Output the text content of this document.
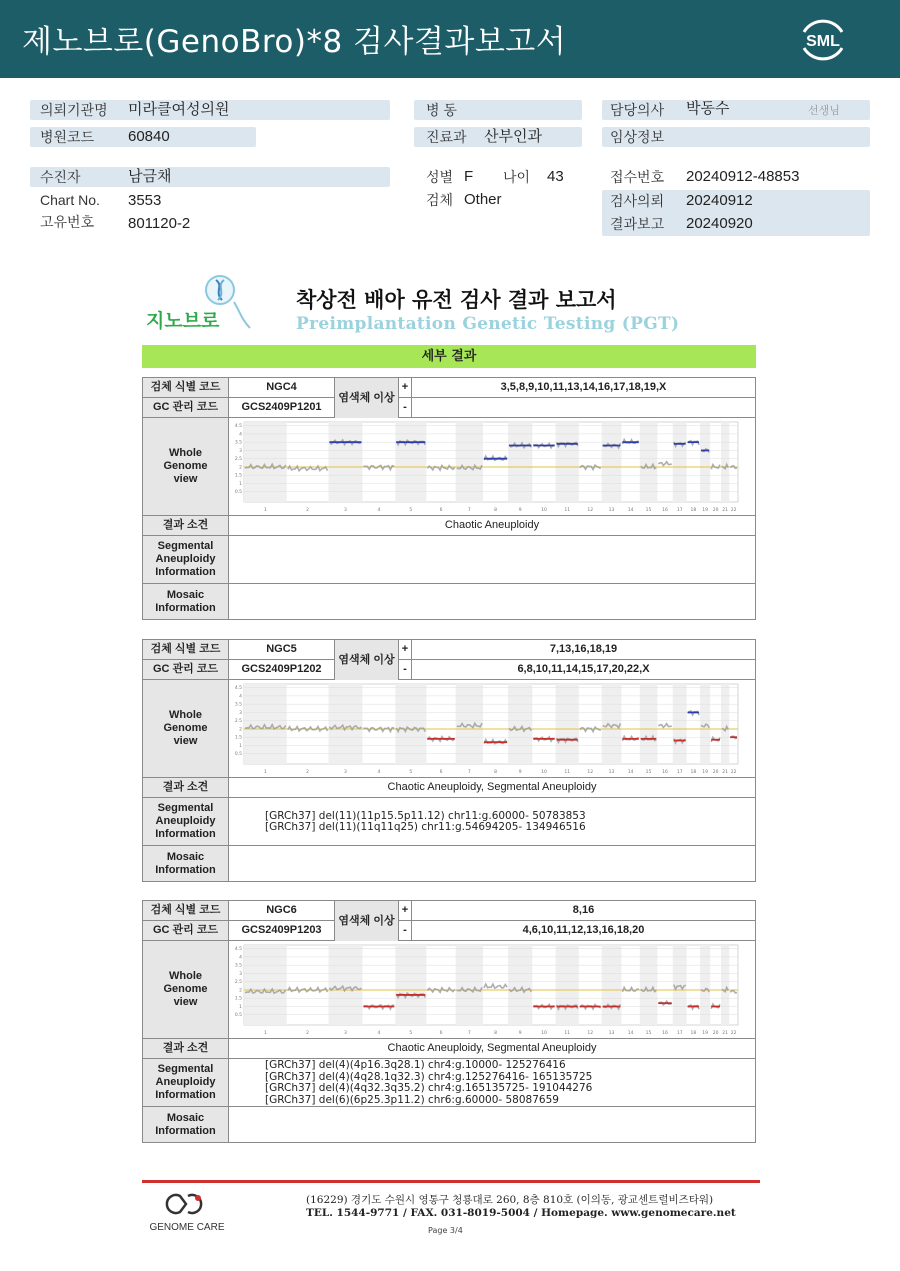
제노브로(GenoBro)*8 검사결과보고서	SML
의뢰기관명 미라클여성의원	병 동	담당의사 박동수	선생님
병원코드 60840	진료과 산부인과	임상정보
수진자	남금채	성별 F 나이 43	접수번호 20240912-48853
Chart No. 3553	검체 Other	검사의뢰 20240912
고유번호 801120-2	결과보고 20240920
지노브로
착상전 배아 유전 검사 결과 보고서
Preimplantation Genetic Testing (PGT)
세부 결과
검체 식별 코드	NGC4	+	3,5,8,9,10,11,13,14,16,17,18,19,X
GC 관리 코드	GCS2409P1201	-
염색체 이상
Whole Genome view
0.5
1
1.5
2
2.5
3
3.5
4
4.5
1	2	3	4	5	6	7	8	9	10	11	12	13	14	15 16 17 18 19 20 21 22
결과 소견	Chaotic Aneuploidy
Segmental Aneuploidy Information
Mosaic Information
검체 식별 코드	NGC5	+	7,13,16,18,19
GC 관리 코드	GCS2409P1202	-	6,8,10,11,14,15,17,20,22,X
염색체 이상
Whole Genome view
0.5
1
1.5
2
2.5
3
3.5
4
4.5
1	2	3	4	5	6	7	8	9	10	11	12	13	14	15 16 17 18 19 20 21 22
결과 소견	Chaotic Aneuploidy, Segmental Aneuploidy
Segmental Aneuploidy Information
[GRCh37] del(11)(11p15.5p11.12) chr11:g.60000- 50783853
[GRCh37] del(11)(11q11q25) chr11:g.54694205- 134946516
Mosaic Information
검체 식별 코드	NGC6	+	8,16
GC 관리 코드	GCS2409P1203	-	4,6,10,11,12,13,16,18,20
염색체 이상
Whole Genome view
0.5
1
1.5
2
2.5
3
3.5
4
4.5
1	2	3	4	5	6	7	8	9	10	11	12	13	14	15 16 17 18 19 20 21 22
결과 소견	Chaotic Aneuploidy, Segmental Aneuploidy
Segmental Aneuploidy Information
[GRCh37] del(4)(4p16.3q28.1) chr4:g.10000- 125276416
[GRCh37] del(4)(4q28.1q32.3) chr4:g.125276416- 165135725
[GRCh37] del(4)(4q32.3q35.2) chr4:g.165135725- 191044276
[GRCh37] del(6)(6p25.3p11.2) chr6:g.60000- 58087659
Mosaic Information
GENOME CARE
(16229) 경기도 수원시 영통구 청룡대로 260, 8층 810호 (이의동, 광교센트럴비즈타워)
TEL. 1544-9771 / FAX. 031-8019-5004 / Homepage. www.genomecare.net
Page 3/4
